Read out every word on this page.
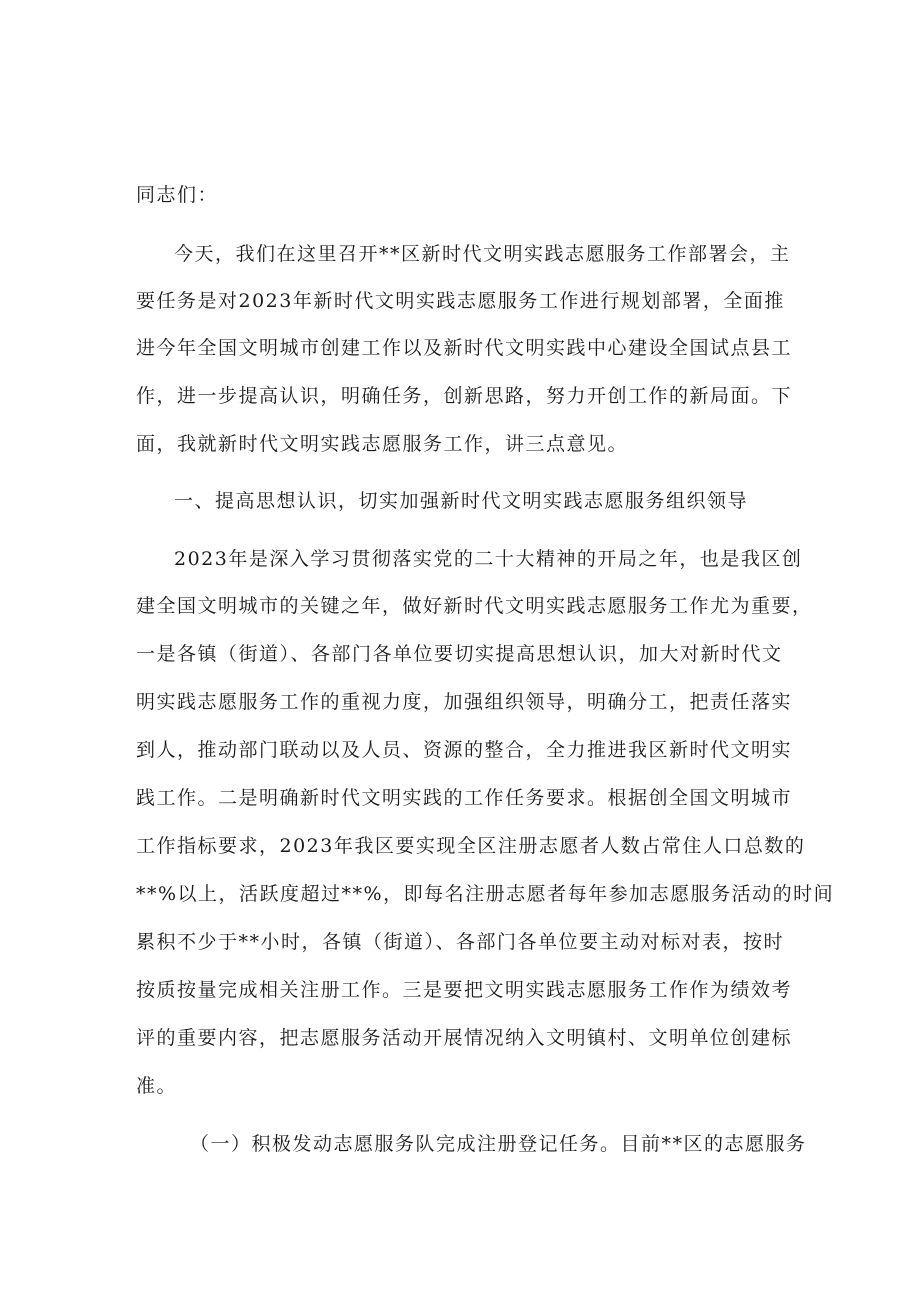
同志们：

今天，我们在这里召开**区新时代文明实践志愿服务工作部署会，主

要任务是对2023年新时代文明实践志愿服务工作进行规划部署，全面推

进今年全国文明城市创建工作以及新时代文明实践中心建设全国试点县工

作，进一步提高认识，明确任务，创新思路，努力开创工作的新局面。下

面，我就新时代文明实践志愿服务工作，讲三点意见。

一、提高思想认识，切实加强新时代文明实践志愿服务组织领导

2023年是深入学习贯彻落实党的二十大精神的开局之年，也是我区创

建全国文明城市的关键之年，做好新时代文明实践志愿服务工作尤为重要，

一是各镇（街道）、各部门各单位要切实提高思想认识，加大对新时代文

明实践志愿服务工作的重视力度，加强组织领导，明确分工，把责任落实

到人，推动部门联动以及人员、资源的整合，全力推进我区新时代文明实

践工作。二是明确新时代文明实践的工作任务要求。根据创全国文明城市

工作指标要求，2023年我区要实现全区注册志愿者人数占常住人口总数的

**%以上，活跃度超过**%，即每名注册志愿者每年参加志愿服务活动的时间

累积不少于**小时，各镇（街道）、各部门各单位要主动对标对表，按时

按质按量完成相关注册工作。三是要把文明实践志愿服务工作作为绩效考

评的重要内容，把志愿服务活动开展情况纳入文明镇村、文明单位创建标

准。

（一）积极发动志愿服务队完成注册登记任务。目前**区的志愿服务
